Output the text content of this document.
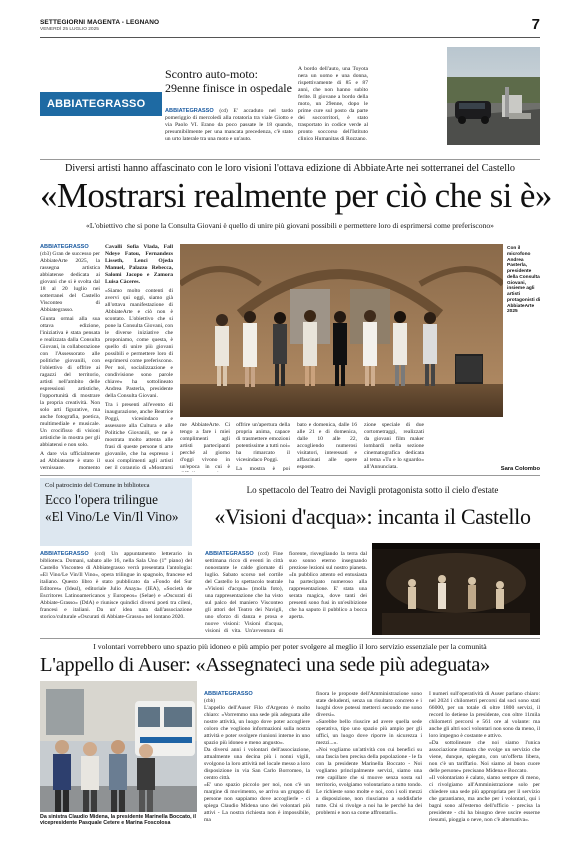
SETTEGIORNI MAGENTA - LEGNANO
VENERDÌ 25 LUGLIO 2025	7
ABBIATEGRASSO
Scontro auto-moto:
29enne finisce in ospedale
ABBIATEGRASSO (cd) E' accaduto nel tardo pomeriggio di mercoledì alla rotatoria tra viale Giotto e via Paolo VI. Erano da poco passate le 18 quando, presumibilmente per una mancata precedenza, c'è stato un urto laterale tra una moto e un'auto.
A bordo dell'auto, una Toyota nera un uomo e una donna, rispettivamente di 85 e 87 anni, che non hanno subìto ferite. Il giovane a bordo della moto, un 29enne, dopo le prime cure sul posto da parte dei soccorritori, è stato trasportato in codice verde al pronto soccorso dell'Istituto clinico Humanitas di Rozzano.
Diversi artisti hanno affascinato con le loro visioni l'ottava edizione di AbbiateArte nei sotterranei del Castello
«Mostrarsi realmente per ciò che si è»
«L'obiettivo che si pone la Consulta Giovani è quello di unire più giovani possibili e permettere loro di esprimersi come preferiscono»

ABBIATEGRASSO (cb3) Gran de successo per AbbiateArte 2025, la rassegna artistica abbiatense dedicata ai giovani che si è svolta dal 18 al 20 luglio nei sotterranei del Castello Visconteo di Abbiategrasso.

Giunta ormai alla sua ottava edizione, l'iniziativa è stata pensata e realizzata dalla Consulta Giovani, in collaborazione con l'Assessorato alle politiche giovanili, con l'obiettivo di offrire ai ragazzi del territorio, artisti nell'ambito delle espressioni artistiche, l'opportunità di mostrare la propria creatività. Non solo arti figurative, ma anche fotografia, poetica, multimediale e musicale. Un crocifisso di visioni artistiche in mostra per gli abbiatensi e non solo.

A dare via ufficialmente ad Abbiatearte è stato il vernissage, momento

Cavalli Sofia Vlada, Fall Ndeye Fatou, Fernandezs Lisseth, Lenci Ojeda Manuel, Palazzo Rebecca, Salomi Jacopo e Zamora Luisa Càceres.

«Siamo molto contenti di avervi qui oggi, siamo già all'ottava manifestazione di AbbiateArte e ciò non è scontato. L'obiettivo che si pone la Consulta Giovani, con le diverse iniziative che proponiamo, come questa, è quello di unire più giovani possibili e permettere loro di esprimersi come preferiscono. Per noi, socializzazione e condivisione sono parole chiave» ha sottolineato Andrea Pasterla, presidente della Consulta Giovani.

Tra i presenti all'evento di inaugurazione, anche Beatrice Poggi, vicesindaco e assessore alla Cultura e alle Politiche Giovanili, se ne è mostrata molto attenta alle frasi di queste persone ti arte giovanile, che ha espresso i suoi complimenti agli artisti per il coraggio di «Mostrarsi

Con il microfono Andrea Pasterla, presidente della Consulta Giovani, insieme agli artisti protagonisti di AbbiateArte 2025

me AbbiateArte. Ci tengo a fare i miei complimenti agli artisti partecipanti perché al giorno d'oggi vivono in un'epoca in cui è

offrire un'apertura della propria anima, capace di trasmettere emozioni potentissime a tutti noi» ha rimarcato il vicesindaco Poggi.

La mostra è poi

bato e domenica, dalle 16 alle 21 e di domenica, dalle 10 alle 22, accogliendo numerosi visitatori, interessati e affascinati alle opere esposte.

zione speciale di due cortometraggi, realizzati da giovani film maker lombardi nella sezione cinematografica dedicata al tema «Tu e lo sguardo» all'Annunciata.	Sara Colombo
Col patrocinio del Comune in biblioteca
Ecco l'opera trilingue
«El Vino/Le Vin/Il Vino»
ABBIATEGRASSO (ccd) Un appuntamento letterario in biblioteca. Domani, sabato alle 16, nella Sala Uno (1° piano) del Castello Visconteo di Abbiategrasso verrà presentata l'antologia: «El Vino/Le Vin/Il Vino», opera trilingue in spagnolo, francese ed italiano. Questo libro è stato pubblicato da «Fondo del Sur Editores» (Ideal), editoriale Julio Anaya» (IEA), «Società de Escritores Latinoamericanos y Europeos» (Selae) e «Oscurati di Abbiate-Grasso» (DdA) e riunisce quindici diversi poeti tra cileni, francesi e italiani. Da un' idea nata dall'associazione storico/culturale «Oscurati di Abbiate-Grasso» nel lontano 2020.
Lo spettacolo del Teatro dei Navigli protagonista sotto il cielo d'estate
«Visioni d'acqua»: incanta il Castello
ABBIATEGRASSO (ccd) Fine settimana ricco di eventi in città nonostante le calde giornate di luglio. Sabato scorso nel cortile del Castello lo spettacolo teatrale «Visioni d'acqua» (molla foto), una rappresentazione che ha visto sul palco del maniero Visconteo gli attori del Teatro dei Navigli, uno sforzo di danza e prosa e nuove visioni: Visioni d'acqua, visioni di vita. Un'avventura di
fiorente, risvegliando la terra dal suo sonno eterno insegnando preziose lezioni sul nostro pianeta. «In pubblico attento ed entusiasta ha partecipato numeroso alla rappresentazione. E' stata una serata magica, dove tanti dei presenti sono fusi in un'esibizione che ha saputo il pubblico a bocca aperta.
I volontari vorrebbero uno spazio più idoneo e più ampio per poter svolgere al meglio il loro servizio essenziale per la comunità
L'appello di Auser: «Assegnateci una sede più adeguata»
Da sinistra Claudio Midena, la presidente Marinella Boccato, il vicepresidente Pasquale Cetere e Marina Foscolosa

ABBIATEGRASSO
(cbb)
L'appello dell'Auser Filo d'Argento è molto chiaro: «Vorremmo una sede più adeguata alle nostre attività, un luogo dove poter accogliere coloro che vogliono informazioni sulla nostra attività e poter svolgere riunioni interne in uno spazio più idoneo e meno angusto».
Da diversi anni i volontari dell'associazione, attualmente una decina più i nonni vigili, svolgono la loro attività nel locale messo a loro disposizione in via San Carlo Borromeo, la centro città.
«E' uno spazio piccolo per noi, non c'è un margine di movimento, se arriva un gruppo di persone non sappiamo dove accoglierle - ci spiega Claudio Midena uno dei volontari più attivi - La nostra richiesta non è impossibile, ma

finora le proposte dell'Amministrazione sono state deludenti, senza un risultato concreto e i luoghi dove potessi metterci secondo me sono diversi».
«Sarebbe bello riuscire ad avere quella sede operativa, tipo uno spazio più ampio per gli uffici, un luogo dove riporre in sicurezza i mezzi...».
«Noi vogliamo un'attività con cui benefici su una fascia ben precisa della popolazione - le fa con la presidente Marinella Boccato - Noi vogliamo principalmente servizi, siamo una rete capillare che si muove senza sosta sul territorio, svolgiamo volontariato a tutto tondo. Le richieste sono molte e noi, con i soli mezzi a disposizione, non riusciamo a soddisfarle tutte. Chi si rivolge a noi ha le perché ha dei problemi e non sa come affrontarli».

I numeri sull'operatività di Auser parlano chiaro: nel 2024 i chilometri percorsi dal soci sono stati 66000, per un totale di oltre 1800 servizi, il record lo detiene la presidente, con oltre 11mila chilometri percorsi e 561 ore al volante: ma anche gli altri soci volontari non sono da meno, il loro impegno è costante e attivo.
«Da sottolineare che noi siamo l'unica associazione rimasta che svolge un servizio che viene, dunque, spiegato, con un'offerta libera, non c'è un tariffario. Noi siamo al buon cuore delle persone» precisano Midena e Boccato.
«Il volontariato è calato, siamo sempre di meno, ci rivolgiamo all'Amministrazione solo per chiedere una sede più appropriata per il servizio che garantiamo, ma anche per i volontari, qui i bagni sono all'esterno dell'ufficio - precisa la presidente - chi ha bisogno deve uscire esserne riesumi, pioggia o neve, non c'è alternativa».
